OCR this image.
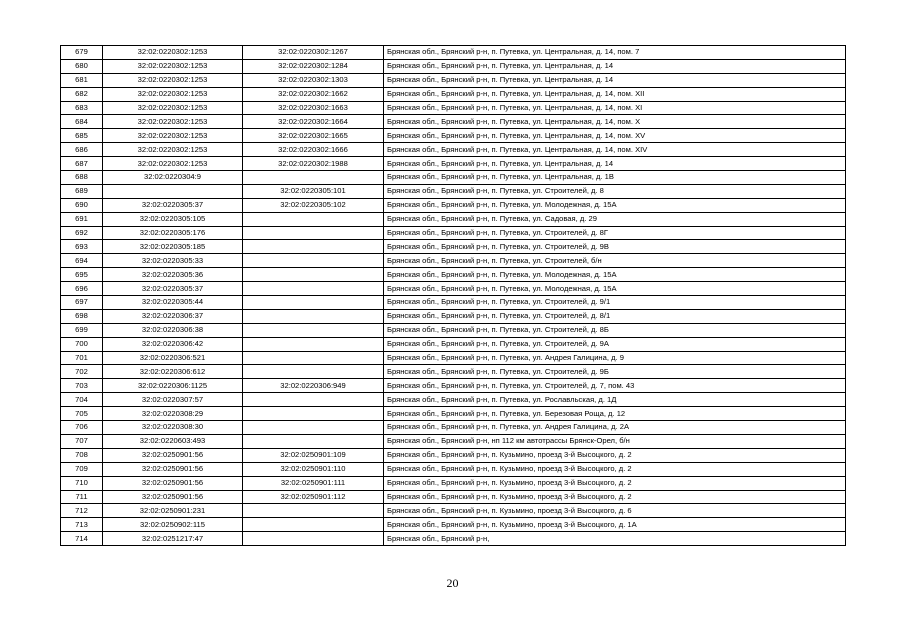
679	32:02:0220302:1253	32:02:0220302:1267	Брянская обл., Брянский р-н, п. Путевка, ул. Центральная, д. 14, пом. 7
680	32:02:0220302:1253	32:02:0220302:1284	Брянская обл., Брянский р-н, п. Путевка, ул. Центральная, д. 14
681	32:02:0220302:1253	32:02:0220302:1303	Брянская обл., Брянский р-н, п. Путевка, ул. Центральная, д. 14
682	32:02:0220302:1253	32:02:0220302:1662	Брянская обл., Брянский р-н, п. Путевка, ул. Центральная, д. 14, пом. XII
683	32:02:0220302:1253	32:02:0220302:1663	Брянская обл., Брянский р-н, п. Путевка, ул. Центральная, д. 14, пом. XI
684	32:02:0220302:1253	32:02:0220302:1664	Брянская обл., Брянский р-н, п. Путевка, ул. Центральная, д. 14, пом. X
685	32:02:0220302:1253	32:02:0220302:1665	Брянская обл., Брянский р-н, п. Путевка, ул. Центральная, д. 14, пом. XV
686	32:02:0220302:1253	32:02:0220302:1666	Брянская обл., Брянский р-н, п. Путевка, ул. Центральная, д. 14, пом. XIV
687	32:02:0220302:1253	32:02:0220302:1988	Брянская обл., Брянский р-н, п. Путевка, ул. Центральная, д. 14
688	32:02:0220304:9		Брянская обл., Брянский р-н, п. Путевка, ул. Центральная, д. 1В
689		32:02:0220305:101	Брянская обл., Брянский р-н, п. Путевка, ул. Строителей, д. 8
690	32:02:0220305:37	32:02:0220305:102	Брянская обл., Брянский р-н, п. Путевка, ул. Молодежная, д. 15А
691	32:02:0220305:105		Брянская обл., Брянский р-н, п. Путевка, ул. Садовая, д. 29
692	32:02:0220305:176		Брянская обл., Брянский р-н, п. Путевка, ул. Строителей, д. 8Г
693	32:02:0220305:185		Брянская обл., Брянский р-н, п. Путевка, ул. Строителей, д. 9В
694	32:02:0220305:33		Брянская обл., Брянский р-н, п. Путевка, ул. Строителей, б/н
695	32:02:0220305:36		Брянская обл., Брянский р-н, п. Путевка, ул. Молодежная, д. 15А
696	32:02:0220305:37		Брянская обл., Брянский р-н, п. Путевка, ул. Молодежная, д. 15А
697	32:02:0220305:44		Брянская обл., Брянский р-н, п. Путевка, ул. Строителей, д. 9/1
698	32:02:0220306:37		Брянская обл., Брянский р-н, п. Путевка, ул. Строителей, д. 8/1
699	32:02:0220306:38		Брянская обл., Брянский р-н, п. Путевка, ул. Строителей, д. 8Б
700	32:02:0220306:42		Брянская обл., Брянский р-н, п. Путевка, ул. Строителей, д. 9А
701	32:02:0220306:521		Брянская обл., Брянский р-н, п. Путевка, ул. Андрея Галицина, д. 9
702	32:02:0220306:612		Брянская обл., Брянский р-н, п. Путевка, ул. Строителей, д. 9Б
703	32:02:0220306:1125	32:02:0220306:949	Брянская обл., Брянский р-н, п. Путевка, ул. Строителей, д. 7, пом. 43
704	32:02:0220307:57		Брянская обл., Брянский р-н, п. Путевка, ул. Рославльская, д. 1Д
705	32:02:0220308:29		Брянская обл., Брянский р-н, п. Путевка, ул. Березовая Роща, д. 12
706	32:02:0220308:30		Брянская обл., Брянский р-н, п. Путевка, ул. Андрея Галицина, д. 2А
707	32:02:0220603:493		Брянская обл., Брянский р-н, нп 112 км автотрассы Брянск-Орел, б/н
708	32:02:0250901:56	32:02:0250901:109	Брянская обл., Брянский р-н, п. Кузьмино, проезд 3-й Высоцкого, д. 2
709	32:02:0250901:56	32:02:0250901:110	Брянская обл., Брянский р-н, п. Кузьмино, проезд 3-й Высоцкого, д. 2
710	32:02:0250901:56	32:02:0250901:111	Брянская обл., Брянский р-н, п. Кузьмино, проезд 3-й Высоцкого, д. 2
711	32:02:0250901:56	32:02:0250901:112	Брянская обл., Брянский р-н, п. Кузьмино, проезд 3-й Высоцкого, д. 2
712	32:02:0250901:231		Брянская обл., Брянский р-н, п. Кузьмино, проезд 3-й Высоцкого, д. 6
713	32:02:0250902:115		Брянская обл., Брянский р-н, п. Кузьмино, проезд 3-й Высоцкого, д. 1А
714	32:02:0251217:47		Брянская обл., Брянский р-н,
20
